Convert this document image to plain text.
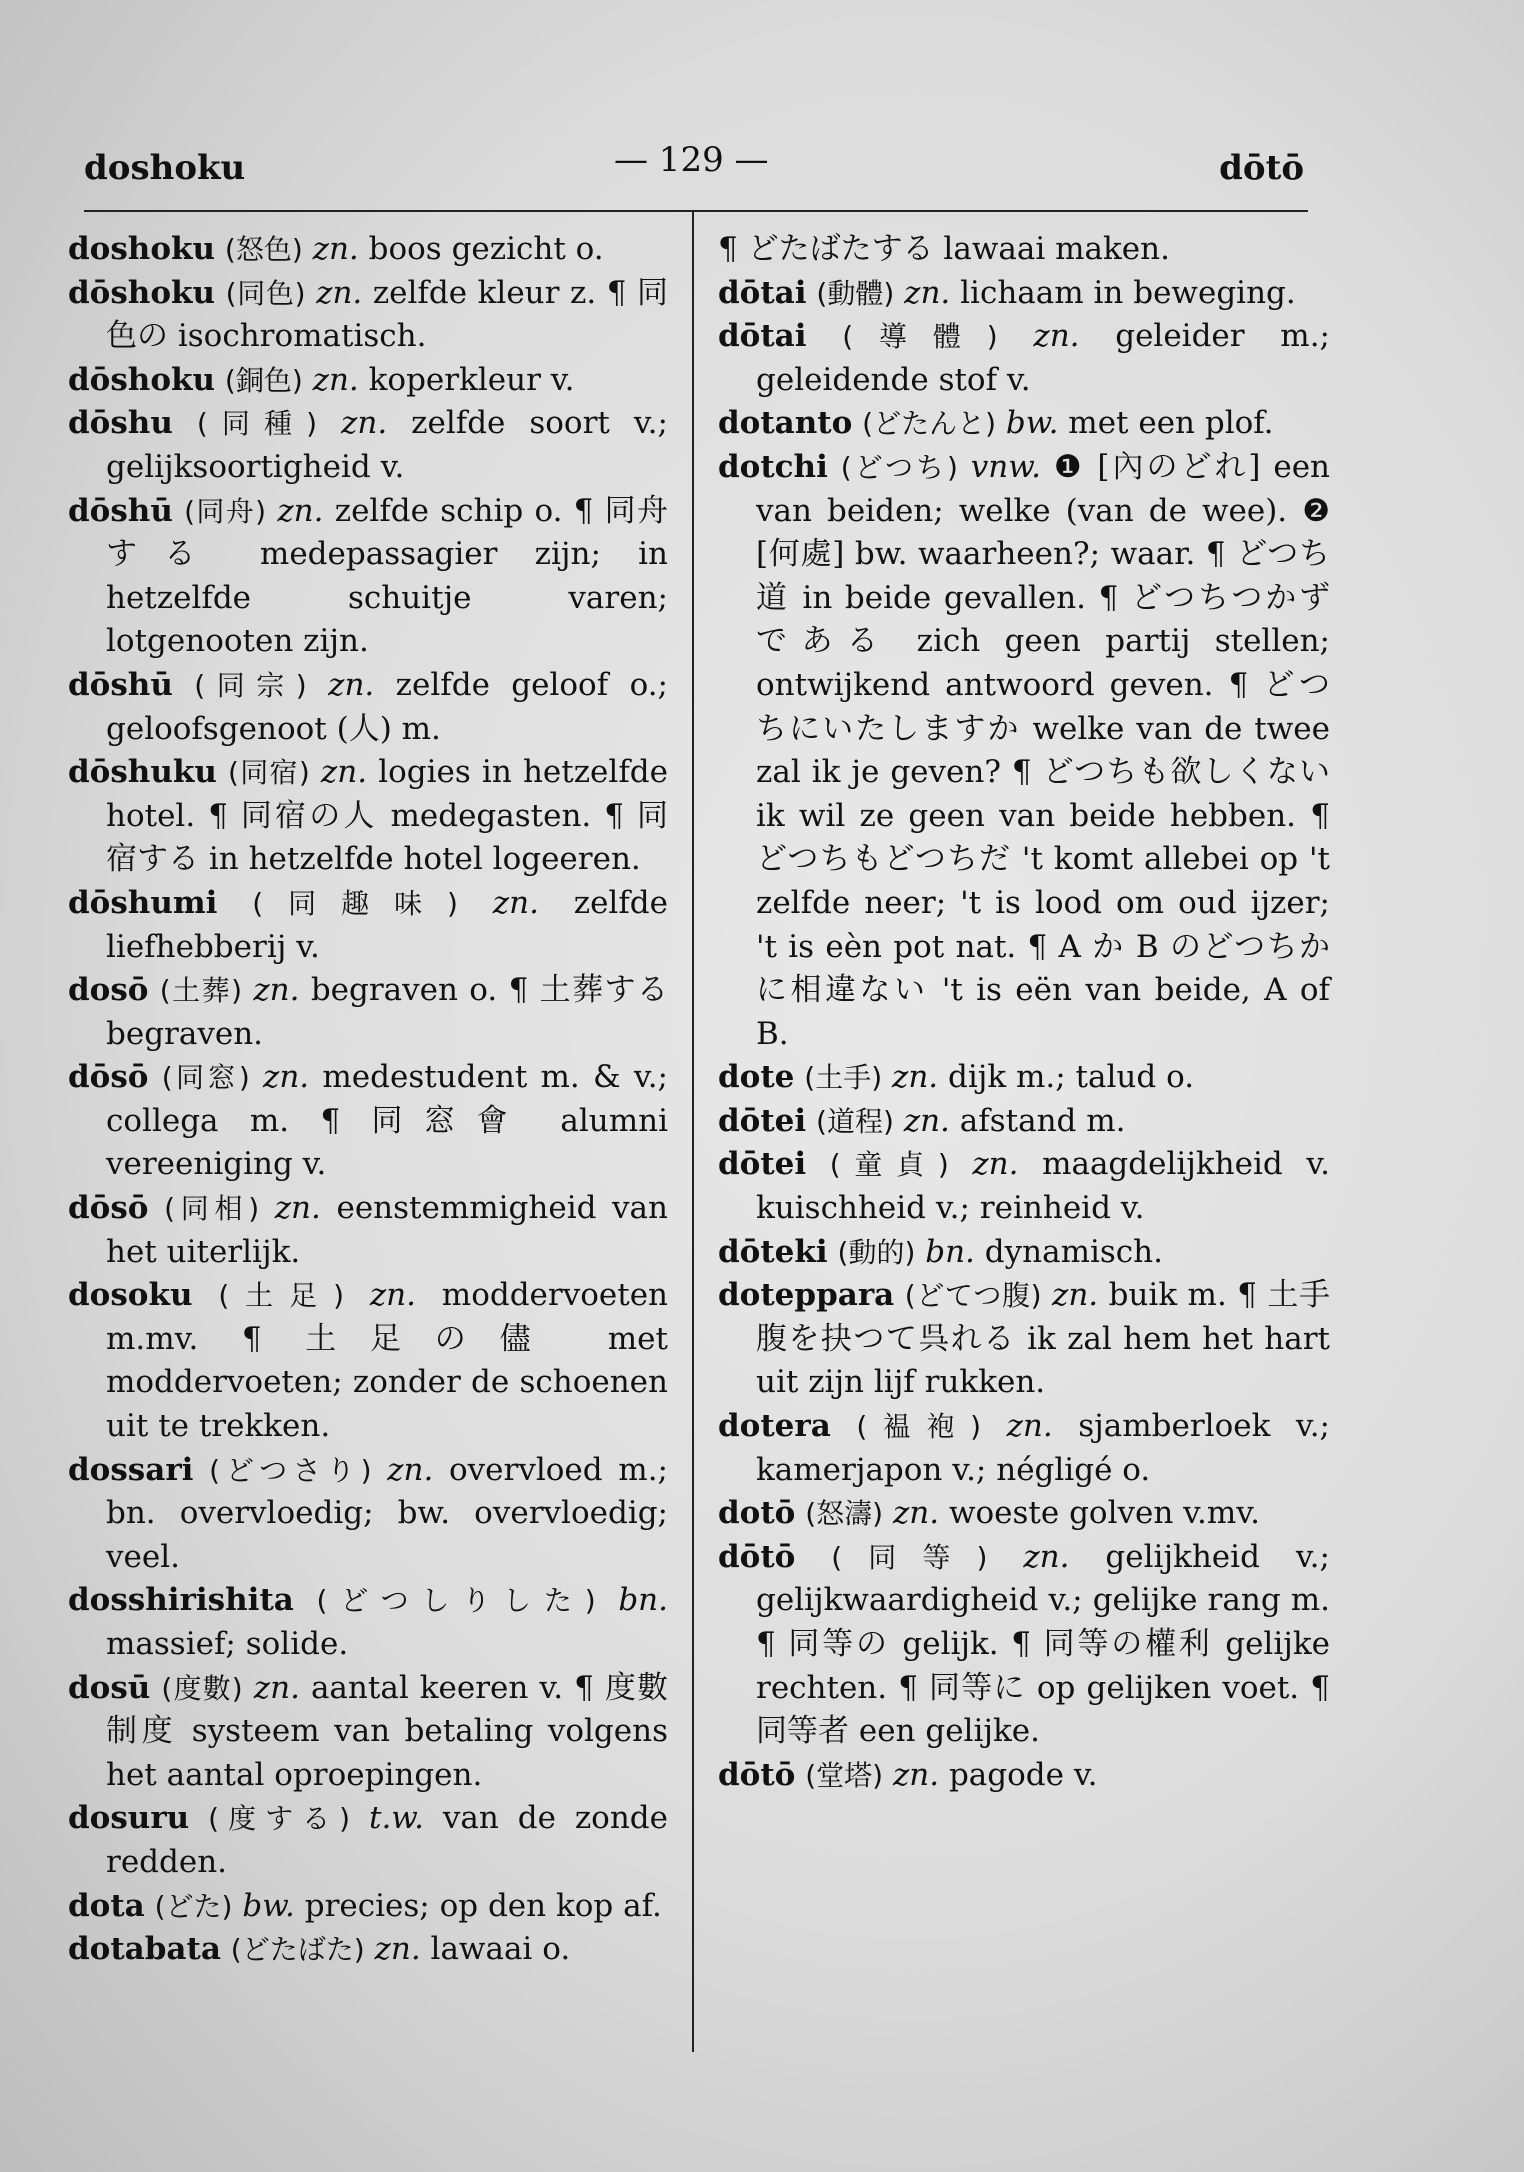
doshoku	— 129 —	dōtō

doshoku (怒色) zn. boos gezicht o.

dōshoku (同色) zn. zelfde kleur z. ¶ 同色の isochromatisch.

dōshoku (銅色) zn. koperkleur v.

dōshu (同種) zn. zelfde soort v.; gelijksoortigheid v.

dōshū (同舟) zn. zelfde schip o. ¶ 同舟する medepassagier zijn; in hetzelfde schuitje varen; lotgenooten zijn.

dōshū (同宗) zn. zelfde geloof o.; geloofsgenoot (人) m.

dōshuku (同宿) zn. logies in hetzelfde hotel. ¶ 同宿の人 medegasten. ¶ 同宿する in hetzelfde hotel logeeren.

dōshumi (同趣味) zn. zelfde liefhebberij v.

dosō (土葬) zn. begraven o. ¶ 土葬する begraven.

dōsō (同窓) zn. medestudent m. & v.; collega m. ¶ 同窓會 alumni vereeniging v.

dōsō (同相) zn. eenstemmigheid van het uiterlijk.

dosoku (土足) zn. moddervoeten m.mv. ¶ 土足の儘 met moddervoeten; zonder de schoenen uit te trekken.

dossari (どつさり) zn. overvloed m.; bn. overvloedig; bw. overvloedig; veel.

dosshirishita (どつしりした) bn. massief; solide.

dosū (度數) zn. aantal keeren v. ¶ 度數制度 systeem van betaling volgens het aantal oproepingen.

dosuru (度する) t.w. van de zonde redden.

dota (どた) bw. precies; op den kop af.

dotabata (どたばた) zn. lawaai o.

¶ どたばたする lawaai maken.

dōtai (動體) zn. lichaam in beweging.

dōtai (導體) zn. geleider m.; geleidende stof v.

dotanto (どたんと) bw. met een plof.

dotchi (どつち) vnw. ❶ [內のどれ] een van beiden; welke (van de wee). ❷ [何處] bw. waarheen?; waar. ¶ どつち道 in beide gevallen. ¶ どつちつかずである zich geen partij stellen; ontwijkend antwoord geven. ¶ どつちにいたしますか welke van de twee zal ik je geven? ¶ どつちも欲しくない ik wil ze geen van beide hebben. ¶ どつちもどつちだ 't komt allebei op 't zelfde neer; 't is lood om oud ijzer; 't is eèn pot nat. ¶ A か B のどつちかに相違ない 't is eën van beide, A of B.

dote (土手) zn. dijk m.; talud o.

dōtei (道程) zn. afstand m.

dōtei (童貞) zn. maagdelijkheid v. kuischheid v.; reinheid v.

dōteki (動的) bn. dynamisch.

doteppara (どてつ腹) zn. buik m. ¶ 土手腹を抉つて呉れる ik zal hem het hart uit zijn lijf rukken.

dotera (褞袍) zn. sjamberloek v.; kamerjapon v.; négligé o.

dotō (怒濤) zn. woeste golven v.mv.

dōtō (同等) zn. gelijkheid v.; gelijkwaardigheid v.; gelijke rang m. ¶ 同等の gelijk. ¶ 同等の權利 gelijke rechten. ¶ 同等に op gelijken voet. ¶ 同等者 een gelijke.

dōtō (堂塔) zn. pagode v.
